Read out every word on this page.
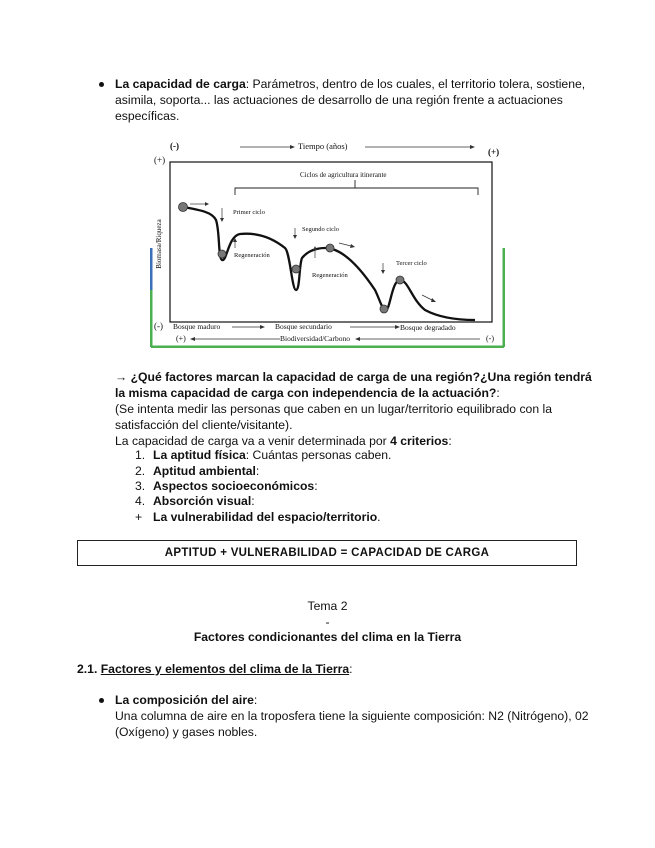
La capacidad de carga: Parámetros, dentro de los cuales, el territorio tolera, sostiene,
asimila, soporta... las actuaciones de desarrollo de una región frente a actuaciones
específicas.
(-)
(+)
(+)
Tiempo (años)
Ciclos de agricultura itinerante
Biomasa/Riqueza
Primer ciclo
Segundo ciclo
Tercer ciclo
Regeneración
Regeneración
(-) Bosque maduro	Bosque secundario	Bosque degradado
(+)	Biodiversidad/Carbono	(-)
→ ¿Qué factores marcan la capacidad de carga de una región?¿Una región tendrá
la misma capacidad de carga con independencia de la actuación?:
(Se intenta medir las personas que caben en un lugar/territorio equilibrado con la
satisfacción del cliente/visitante).
La capacidad de carga va a venir determinada por 4 criterios:
1. La aptitud física: Cuántas personas caben.
2. Aptitud ambiental:
3. Aspectos socioeconómicos:
4. Absorción visual:
+ La vulnerabilidad del espacio/territorio.
APTITUD + VULNERABILIDAD = CAPACIDAD DE CARGA
Tema 2
-
Factores condicionantes del clima en la Tierra
2.1. Factores y elementos del clima de la Tierra:
La composición del aire:
Una columna de aire en la troposfera tiene la siguiente composición: N2 (Nitrógeno), 02
(Oxígeno) y gases nobles.
